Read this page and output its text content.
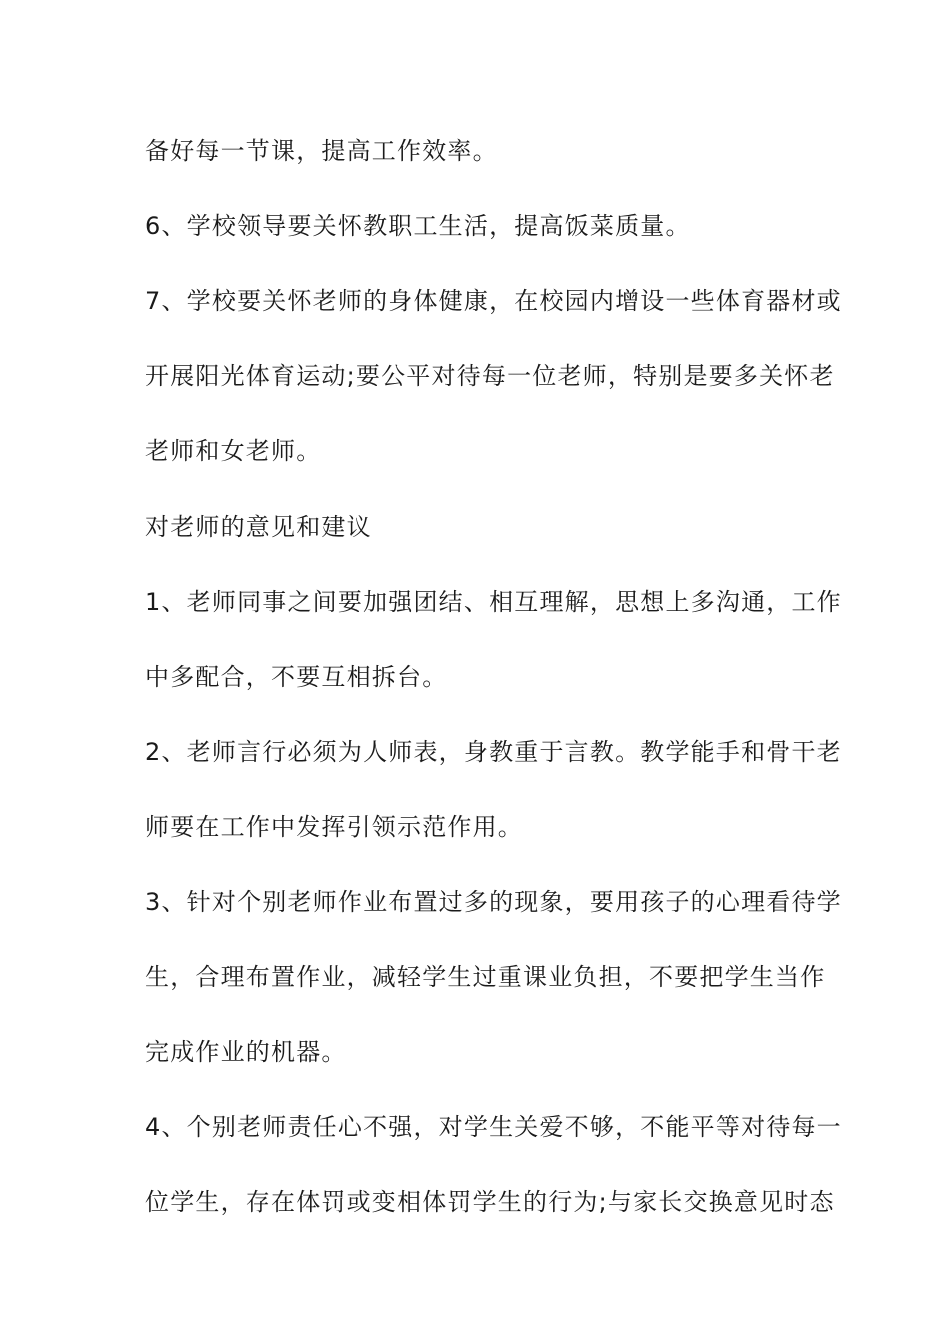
备好每一节课，提高工作效率。
6、学校领导要关怀教职工生活，提高饭菜质量。
7、学校要关怀老师的身体健康，在校园内增设一些体育器材或
开展阳光体育运动;要公平对待每一位老师，特别是要多关怀老
老师和女老师。
对老师的意见和建议
1、老师同事之间要加强团结、相互理解，思想上多沟通，工作
中多配合，不要互相拆台。
2、老师言行必须为人师表，身教重于言教。教学能手和骨干老
师要在工作中发挥引领示范作用。
3、针对个别老师作业布置过多的现象，要用孩子的心理看待学
生，合理布置作业，减轻学生过重课业负担，不要把学生当作
完成作业的机器。
4、个别老师责任心不强，对学生关爱不够，不能平等对待每一
位学生，存在体罚或变相体罚学生的行为;与家长交换意见时态
